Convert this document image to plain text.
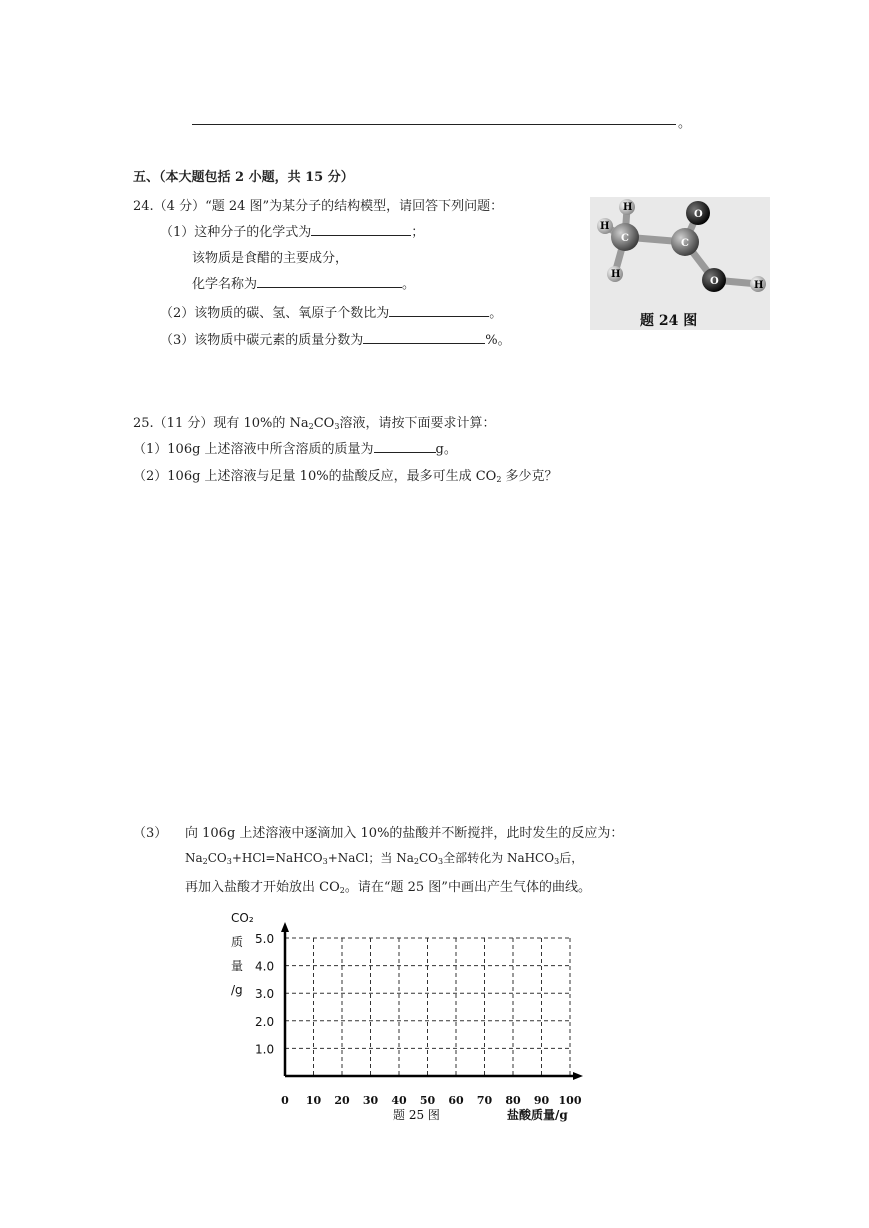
。
五、（本大题包括 2 小题，共 15 分）
24.（4 分）“题 24 图”为某分子的结构模型，请回答下列问题：
（1）这种分子的化学式为	；
该物质是食醋的主要成分，
化学名称为	。
（2）该物质的碳、氢、氧原子个数比为	。
（3）该物质中碳元素的质量分数为	%。
H
H
C
H
C
O
O	H
题 24 图
25.（11 分）现有 10%的 $Na_2CO_3$溶液，请按下面要求计算：
（1）106g 上述溶液中所含溶质的质量为	g。
（2）106g 上述溶液与足量 10%的盐酸反应，最多可生成 $CO_2$ 多少克？
（3） 向 106g 上述溶液中逐滴加入 10%的盐酸并不断搅拌，此时发生的反应为：
$Na_2CO_3+HCl=NaHCO_3+NaCl$；当 $Na_2CO_3$全部转化为 NaHCO$_3$后，
再加入盐酸才开始放出 $CO_2$。请在“题 25 图”中画出产生气体的曲线。
5.0
4.0
3.0
2.0
1.0
CO₂
质
量
/g
0 10 20 30 40 50 60 70 80 90 100
题 25 图	盐酸质量/g
